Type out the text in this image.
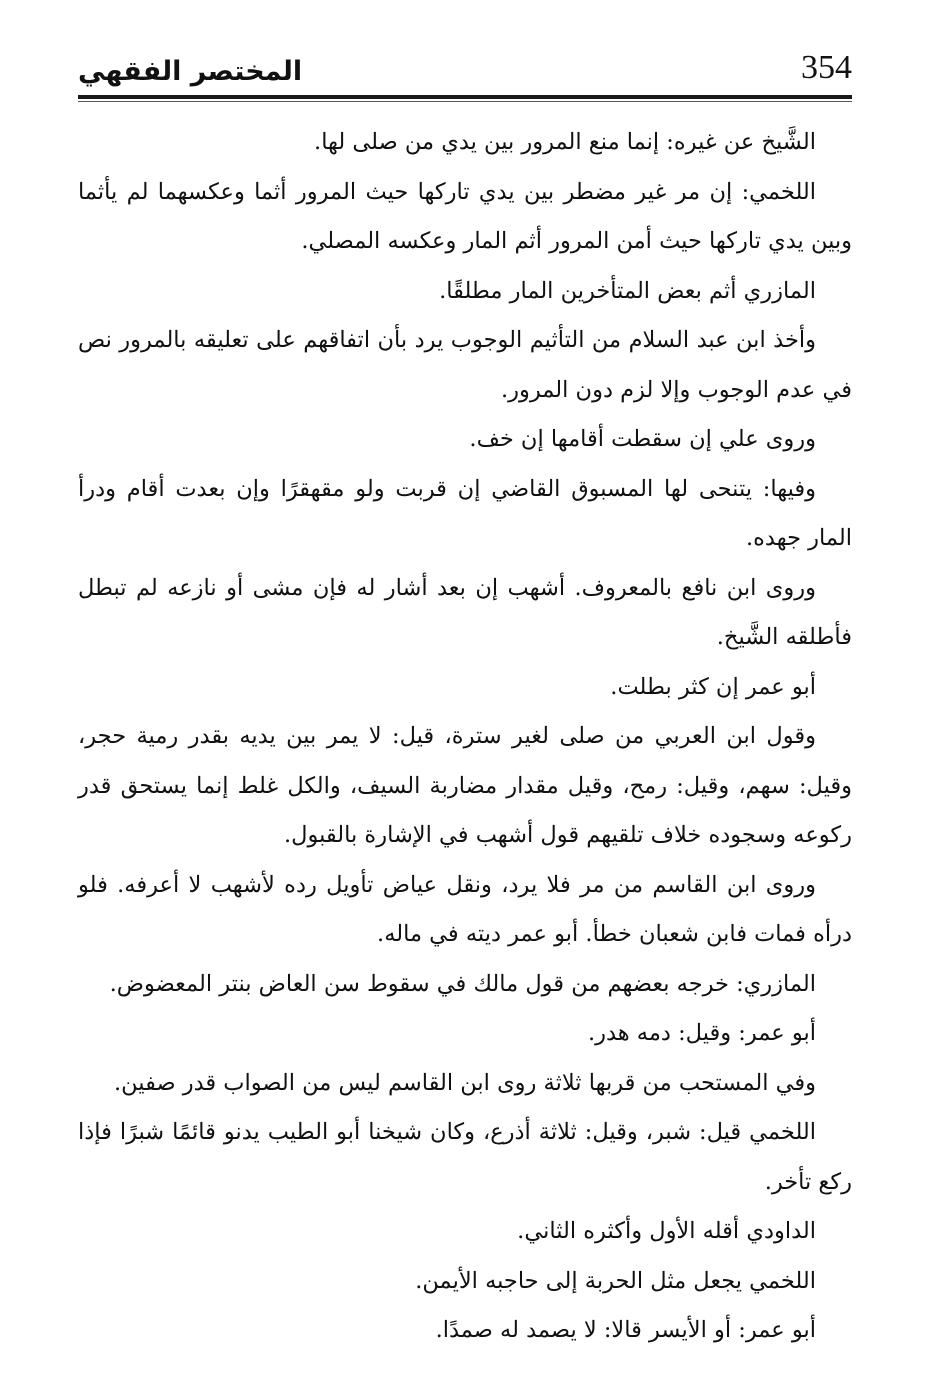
354
المختصر الفقهي

الشَّيخ عن غيره: إنما منع المرور بين يدي من صلى لها.

اللخمي: إن مر غير مضطر بين يدي تاركها حيث المرور أثما وعكسهما لم يأثما وبين يدي تاركها حيث أمن المرور أثم المار وعكسه المصلي.

المازري أثم بعض المتأخرين المار مطلقًا.

وأخذ ابن عبد السلام من التأثيم الوجوب يرد بأن اتفاقهم على تعليقه بالمرور نص في عدم الوجوب وإلا لزم دون المرور.

وروى علي إن سقطت أقامها إن خف.

وفيها: يتنحى لها المسبوق القاضي إن قربت ولو مقهقرًا وإن بعدت أقام ودرأ المار جهده.

وروى ابن نافع بالمعروف. أشهب إن بعد أشار له فإن مشى أو نازعه لم تبطل فأطلقه الشَّيخ.

أبو عمر إن كثر بطلت.

وقول ابن العربي من صلى لغير سترة، قيل: لا يمر بين يديه بقدر رمية حجر، وقيل: سهم، وقيل: رمح، وقيل مقدار مضاربة السيف، والكل غلط إنما يستحق قدر ركوعه وسجوده خلاف تلقيهم قول أشهب في الإشارة بالقبول.

وروى ابن القاسم من مر فلا يرد، ونقل عياض تأويل رده لأشهب لا أعرفه. فلو درأه فمات فابن شعبان خطأ. أبو عمر ديته في ماله.

المازري: خرجه بعضهم من قول مالك في سقوط سن العاض بنتر المعضوض.

أبو عمر: وقيل: دمه هدر.

وفي المستحب من قربها ثلاثة روى ابن القاسم ليس من الصواب قدر صفين.

اللخمي قيل: شبر، وقيل: ثلاثة أذرع، وكان شيخنا أبو الطيب يدنو قائمًا شبرًا فإذا ركع تأخر.

الداودي أقله الأول وأكثره الثاني.

اللخمي يجعل مثل الحربة إلى حاجبه الأيمن.

أبو عمر: أو الأيسر قالا: لا يصمد له صمدًا.
